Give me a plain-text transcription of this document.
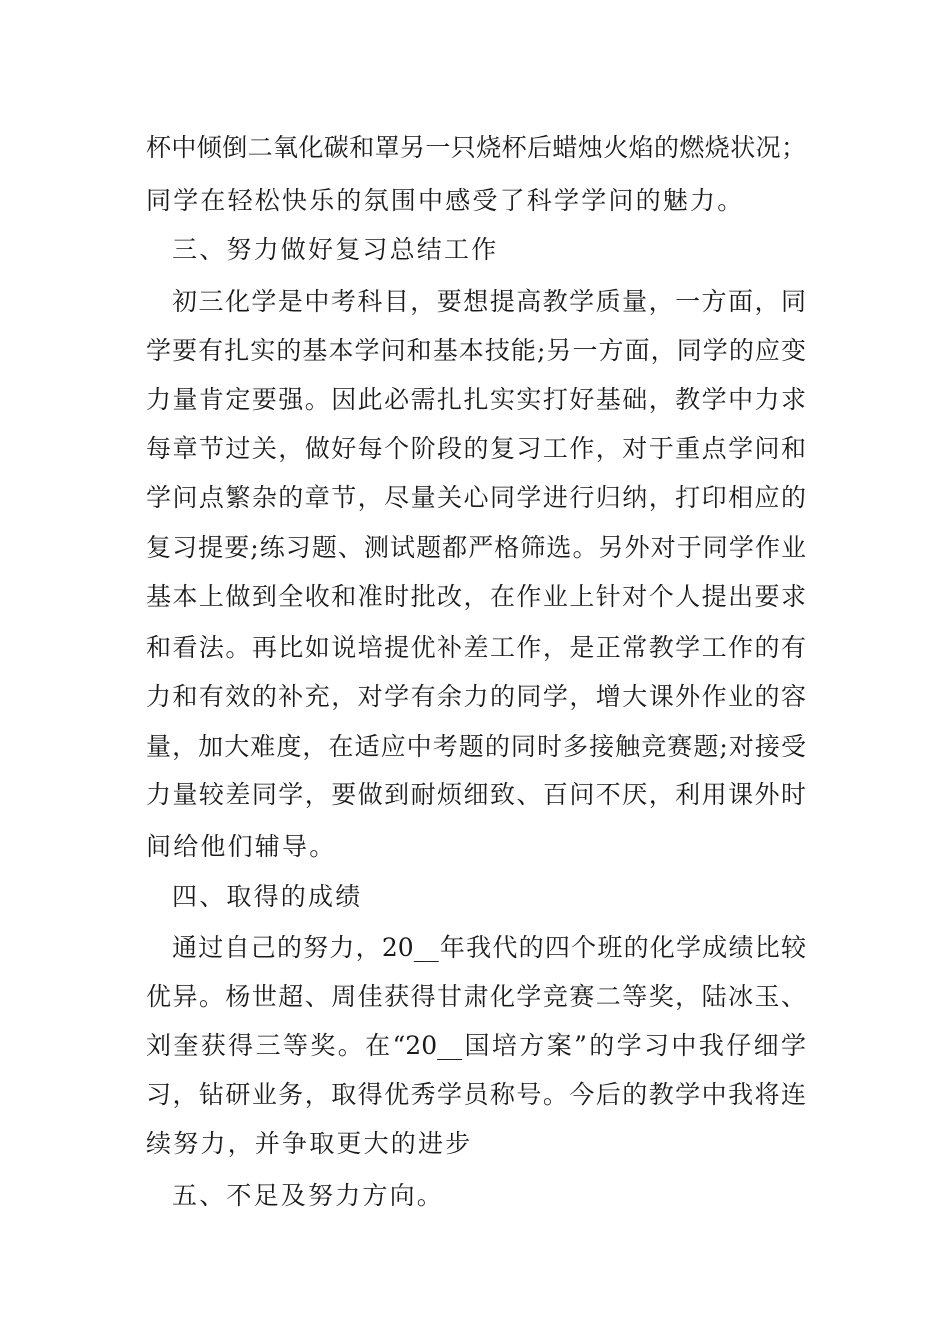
杯中倾倒二氧化碳和罩另一只烧杯后蜡烛火焰的燃烧状况；
同学在轻松快乐的氛围中感受了科学学问的魅力。
三、努力做好复习总结工作
初三化学是中考科目，要想提高教学质量，一方面，同
学要有扎实的基本学问和基本技能;另一方面，同学的应变
力量肯定要强。因此必需扎扎实实打好基础，教学中力求
每章节过关，做好每个阶段的复习工作，对于重点学问和
学问点繁杂的章节，尽量关心同学进行归纳，打印相应的
复习提要;练习题、测试题都严格筛选。另外对于同学作业
基本上做到全收和准时批改，在作业上针对个人提出要求
和看法。再比如说培提优补差工作，是正常教学工作的有
力和有效的补充，对学有余力的同学，增大课外作业的容
量，加大难度，在适应中考题的同时多接触竞赛题;对接受
力量较差同学，要做到耐烦细致、百问不厌，利用课外时
间给他们辅导。
四、取得的成绩
通过自己的努力，20__年我代的四个班的化学成绩比较
优异。杨世超、周佳获得甘肃化学竞赛二等奖，陆冰玉、
刘奎获得三等奖。在“20__国培方案”的学习中我仔细学
习，钻研业务，取得优秀学员称号。今后的教学中我将连
续努力，并争取更大的进步
五、不足及努力方向。
